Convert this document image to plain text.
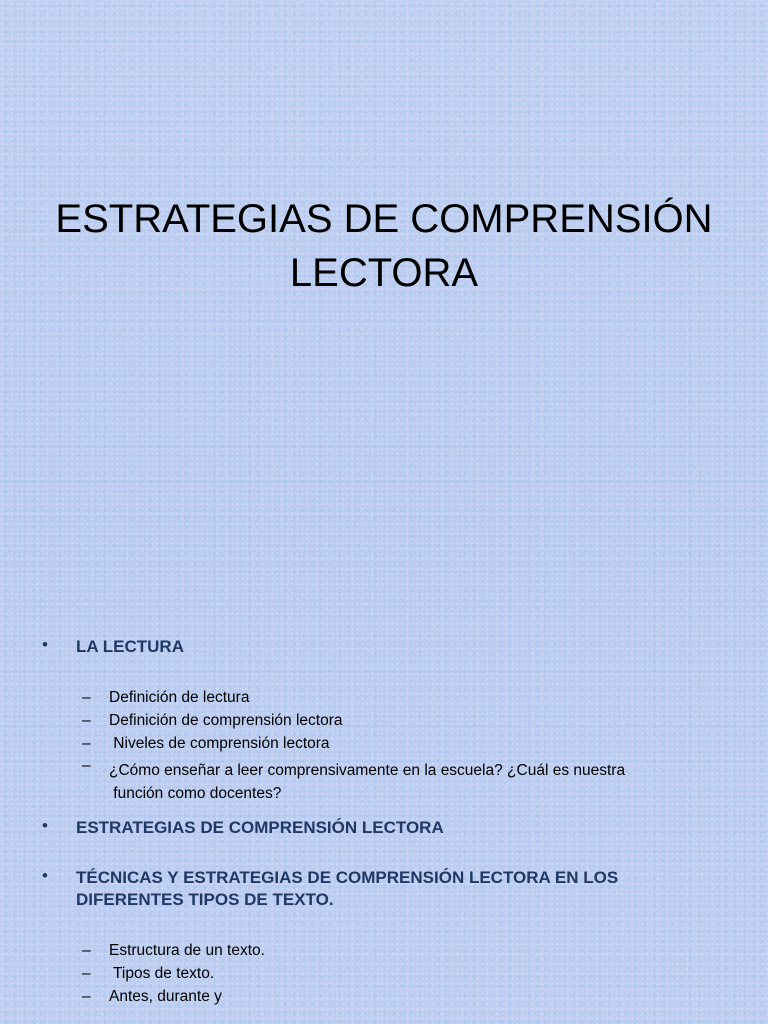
ESTRATEGIAS DE COMPRENSIÓN
LECTORA
• LA LECTURA
– Definición de lectura
– Definición de comprensión lectora
– Niveles de comprensión lectora
– ¿Cómo enseñar a leer comprensivamente en la escuela? ¿Cuál es nuestra
función como docentes?
• ESTRATEGIAS DE COMPRENSIÓN LECTORA
• TÉCNICAS Y ESTRATEGIAS DE COMPRENSIÓN LECTORA EN LOS
DIFERENTES TIPOS DE TEXTO.
– Estructura de un texto.
– Tipos de texto.
– Antes, durante y
